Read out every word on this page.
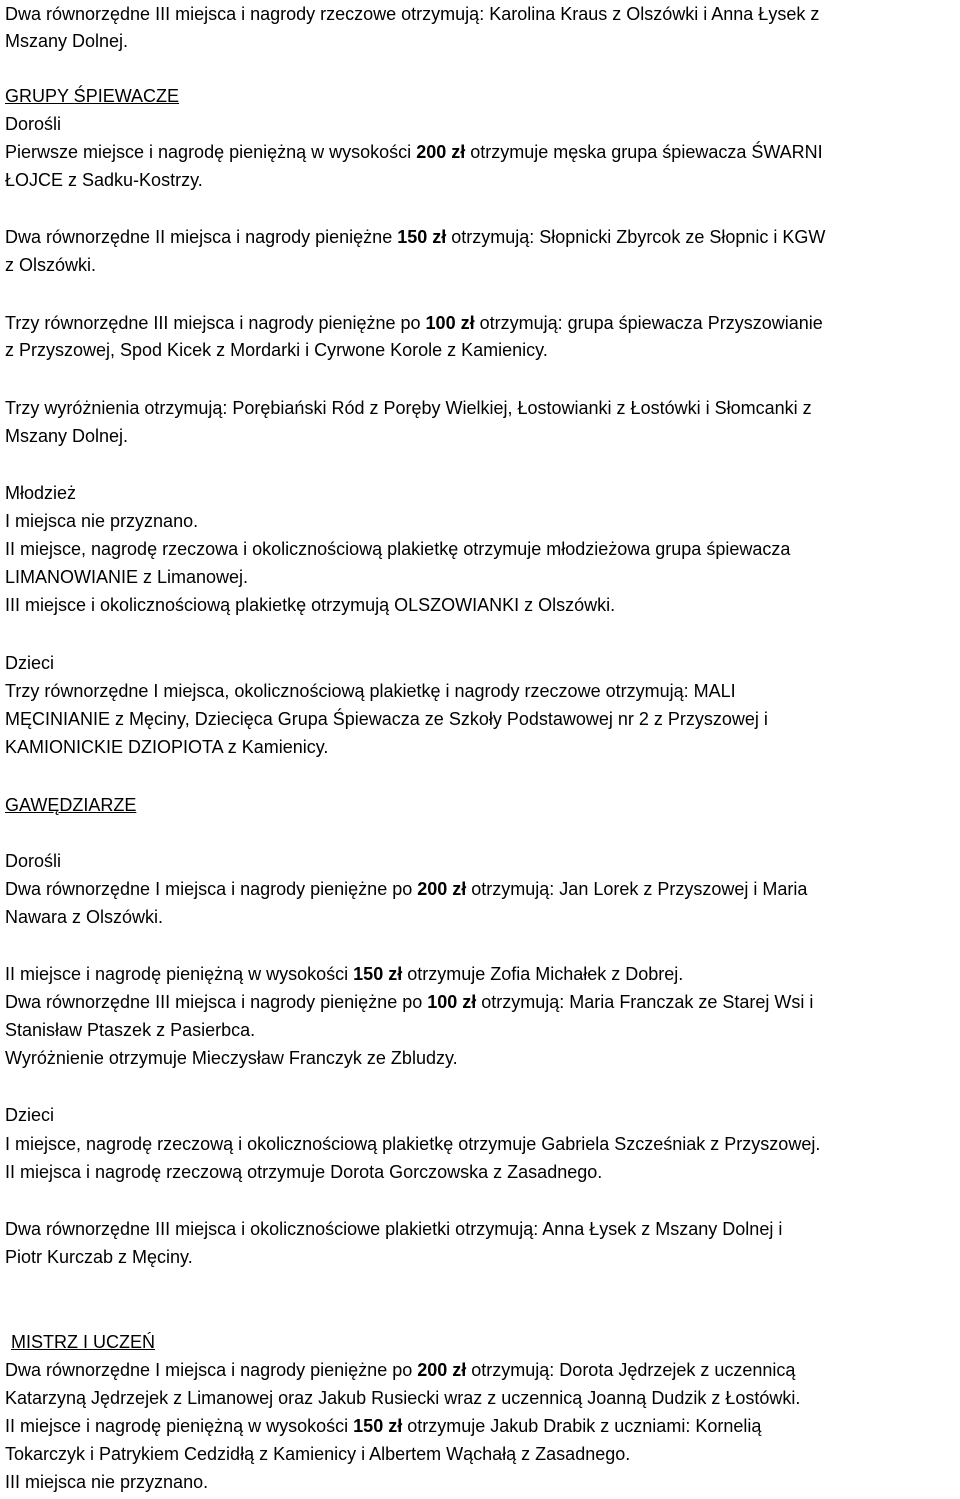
Dwa równorzędne III miejsca i nagrody rzeczowe otrzymują: Karolina Kraus z Olszówki i Anna Łysek z
Mszany Dolnej.
GRUPY ŚPIEWACZE
Dorośli
Pierwsze miejsce i nagrodę pieniężną w wysokości 200 zł otrzymuje męska grupa śpiewacza ŚWARNI
ŁOJCE z Sadku-Kostrzy.
Dwa równorzędne II miejsca i nagrody pieniężne 150 zł otrzymują: Słopnicki Zbyrcok ze Słopnic i KGW
z Olszówki.
Trzy równorzędne III miejsca i nagrody pieniężne po 100 zł otrzymują: grupa śpiewacza Przyszowianie
z Przyszowej, Spod Kicek z Mordarki i Cyrwone Korole z Kamienicy.
Trzy wyróżnienia otrzymują: Porębiański Ród z Poręby Wielkiej, Łostowianki z Łostówki i Słomcanki z
Mszany Dolnej.
Młodzież
I miejsca nie przyznano.
II miejsce, nagrodę rzeczowa i okolicznościową plakietkę otrzymuje młodzieżowa grupa śpiewacza
LIMANOWIANIE z Limanowej.
III miejsce i okolicznościową plakietkę otrzymują OLSZOWIANKI z Olszówki.
Dzieci
Trzy równorzędne I miejsca, okolicznościową plakietkę i nagrody rzeczowe otrzymują: MALI
MĘCINIANIE z Męciny, Dziecięca Grupa Śpiewacza ze Szkoły Podstawowej nr 2 z Przyszowej i
KAMIONICKIE DZIOPIOTA z Kamienicy.
GAWĘDZIARZE
Dorośli
Dwa równorzędne I miejsca i nagrody pieniężne po 200 zł otrzymują: Jan Lorek z Przyszowej i Maria
Nawara z Olszówki.
II miejsce i nagrodę pieniężną w wysokości 150 zł otrzymuje Zofia Michałek z Dobrej.
Dwa równorzędne III miejsca i nagrody pieniężne po 100 zł otrzymują: Maria Franczak ze Starej Wsi i
Stanisław Ptaszek z Pasierbca.
Wyróżnienie otrzymuje Mieczysław Franczyk ze Zbludzy.
Dzieci
I miejsce, nagrodę rzeczową i okolicznościową plakietkę otrzymuje Gabriela Szcześniak z Przyszowej.
II miejsca i nagrodę rzeczową otrzymuje Dorota Gorczowska z Zasadnego.
Dwa równorzędne III miejsca i okolicznościowe plakietki otrzymują: Anna Łysek z Mszany Dolnej i
Piotr Kurczab z Męciny.
MISTRZ I UCZEŃ
Dwa równorzędne I miejsca i nagrody pieniężne po 200 zł otrzymują: Dorota Jędrzejek z uczennicą
Katarzyną Jędrzejek z Limanowej oraz Jakub Rusiecki wraz z uczennicą Joanną Dudzik z Łostówki.
II miejsce i nagrodę pieniężną w wysokości 150 zł otrzymuje Jakub Drabik z uczniami: Kornelią
Tokarczyk i Patrykiem Cedzidłą z Kamienicy i Albertem Wąchałą z Zasadnego.
III miejsca nie przyznano.
